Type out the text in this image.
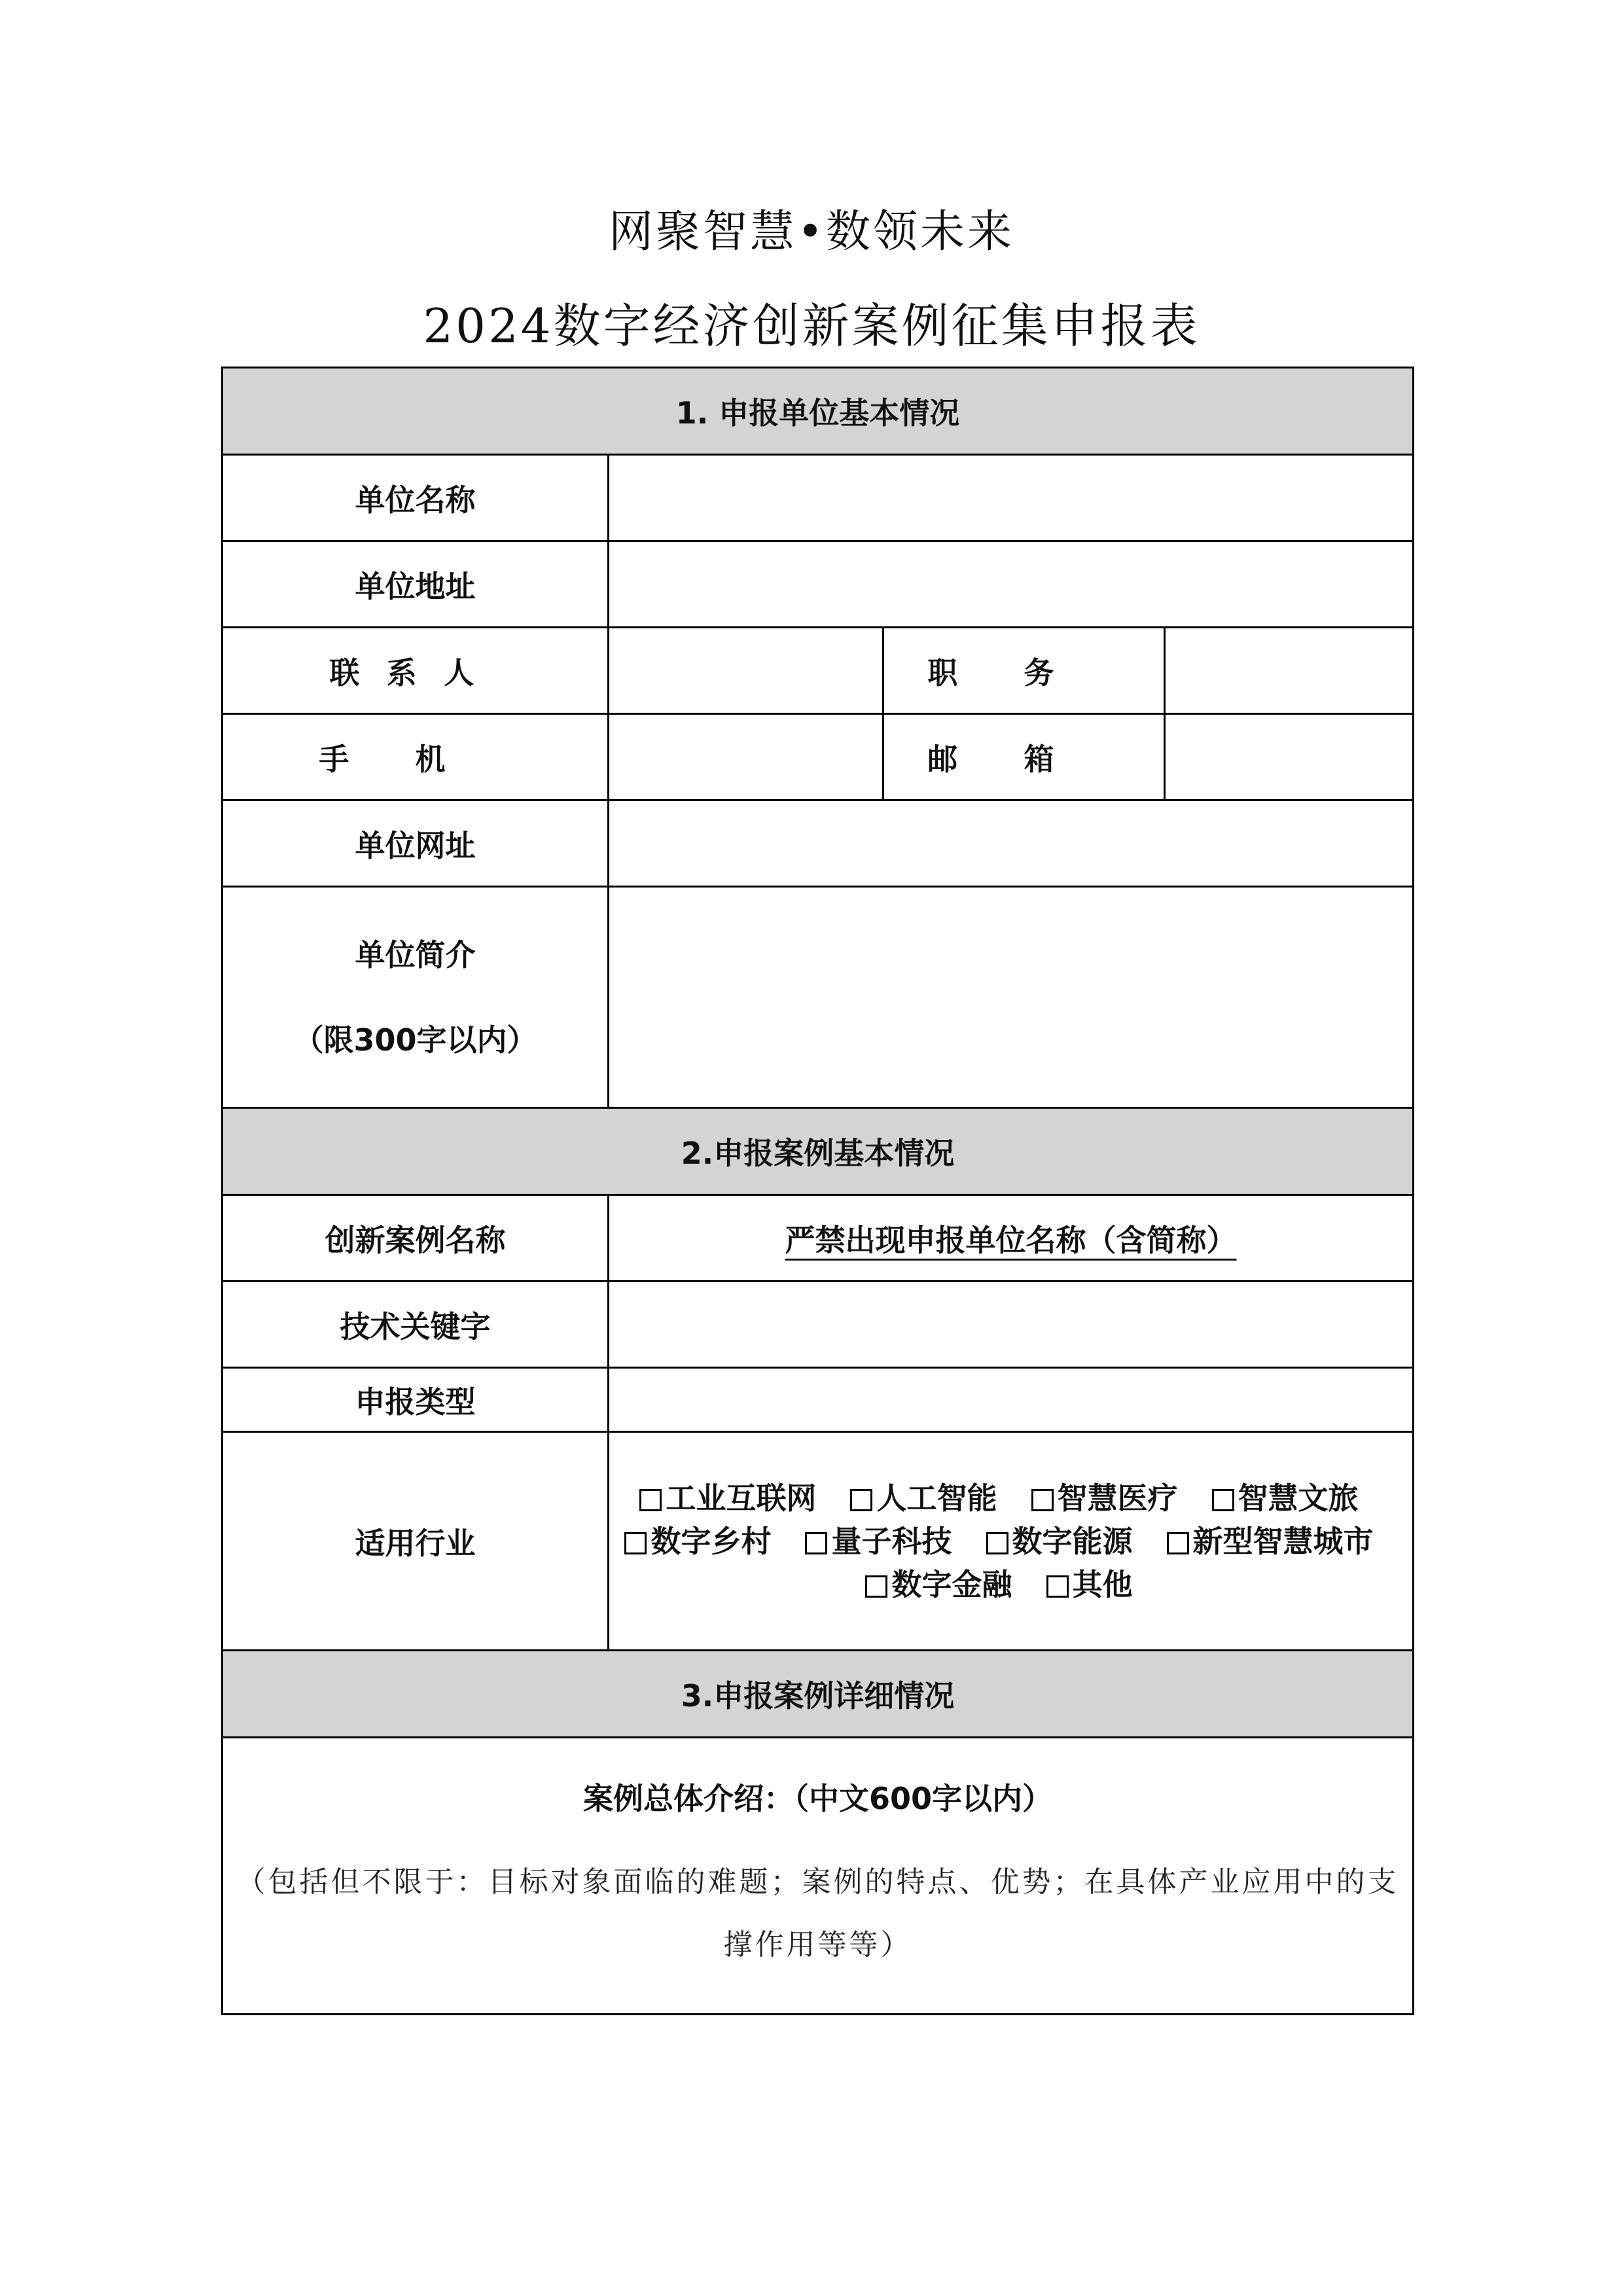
网聚智慧•数领未来
2024数字经济创新案例征集申报表
1. 申报单位基本情况			
单位名称			
单位地址			
联系人		职务	
手机		邮箱	
单位网址			

单位简介
（限300字以内）			

2.申报案例基本情况			
创新案例名称	严禁出现申报单位名称（含简称）		
技术关键字			
申报类型			
适用行业	工业互联网 人工智能 智慧医疗 智慧文旅 数字乡村 量子科技 数字能源 新型智慧城市 数字金融 其他		
3.申报案例详细情况			

案例总体介绍：（中文600字以内）
（包括但不限于：目标对象面临的难题；案例的特点、优势；在具体产业应用中的支撑作用等等）			
